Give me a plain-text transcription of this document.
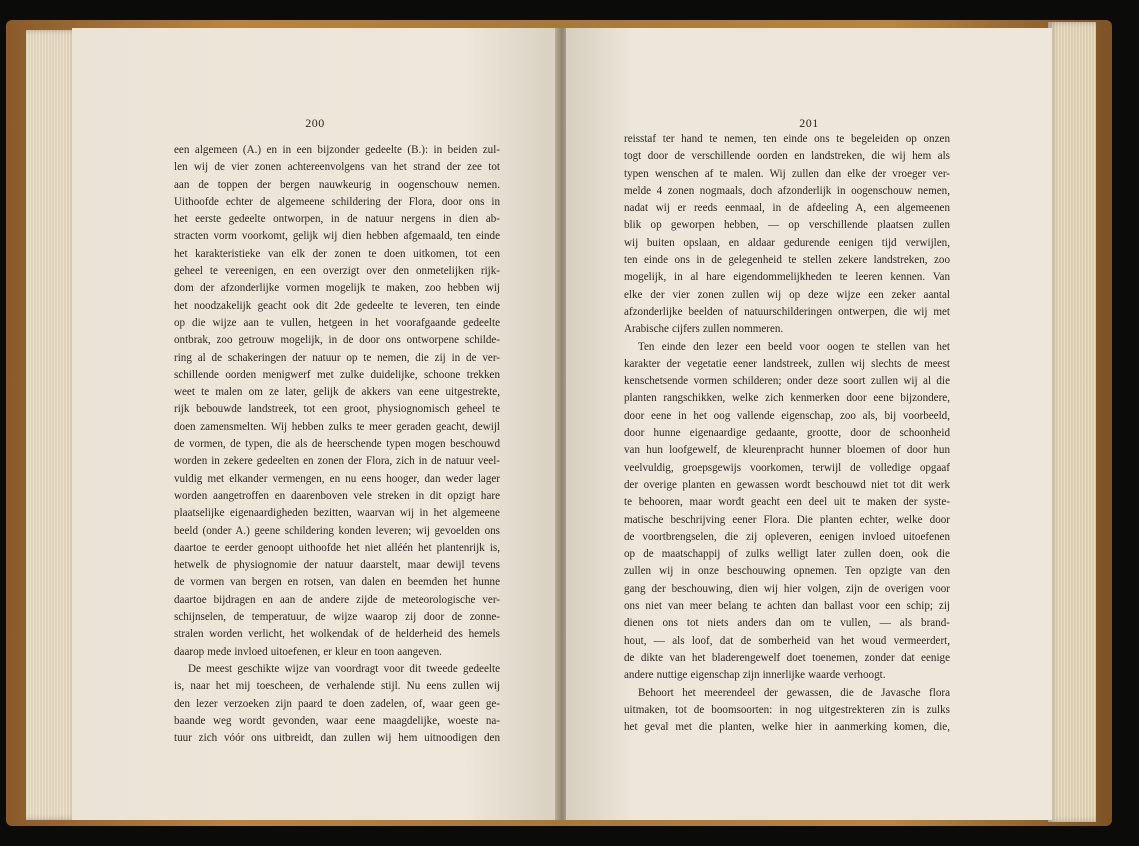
200
een algemeen (A.) en in een bijzonder gedeelte (B.): in beiden zul-
len wij de vier zonen achtereenvolgens van het strand der zee tot
aan de toppen der bergen nauwkeurig in oogenschouw nemen.
Uithoofde echter de algemeene schildering der Flora, door ons in
het eerste gedeelte ontworpen, in de natuur nergens in dien ab-
stracten vorm voorkomt, gelijk wij dien hebben afgemaald, ten einde
het karakteristieke van elk der zonen te doen uitkomen, tot een
geheel te vereenigen, en een overzigt over den onmetelijken rijk-
dom der afzonderlijke vormen mogelijk te maken, zoo hebben wij
het noodzakelijk geacht ook dit 2de gedeelte te leveren, ten einde
op die wijze aan te vullen, hetgeen in het voorafgaande gedeelte
ontbrak, zoo getrouw mogelijk, in de door ons ontworpene schilde-
ring al de schakeringen der natuur op te nemen, die zij in de ver-
schillende oorden menigwerf met zulke duidelijke, schoone trekken
weet te malen om ze later, gelijk de akkers van eene uitgestrekte,
rijk bebouwde landstreek, tot een groot, physiognomisch geheel te
doen zamensmelten. Wij hebben zulks te meer geraden geacht, dewijl
de vormen, de typen, die als de heerschende typen mogen beschouwd
worden in zekere gedeelten en zonen der Flora, zich in de natuur veel-
vuldig met elkander vermengen, en nu eens hooger, dan weder lager
worden aangetroffen en daarenboven vele streken in dit opzigt hare
plaatselijke eigenaardigheden bezitten, waarvan wij in het algemeene
beeld (onder A.) geene schildering konden leveren; wij gevoelden ons
daartoe te eerder genoopt uithoofde het niet alléén het plantenrijk is,
hetwelk de physiognomie der natuur daarstelt, maar dewijl tevens
de vormen van bergen en rotsen, van dalen en beemden het hunne
daartoe bijdragen en aan de andere zijde de meteorologische ver-
schijnselen, de temperatuur, de wijze waarop zij door de zonne-
stralen worden verlicht, het wolkendak of de helderheid des hemels
daarop mede invloed uitoefenen, er kleur en toon aangeven.
De meest geschikte wijze van voordragt voor dit tweede gedeelte
is, naar het mij toescheen, de verhalende stijl. Nu eens zullen wij
den lezer verzoeken zijn paard te doen zadelen, of, waar geen ge-
baande weg wordt gevonden, waar eene maagdelijke, woeste na-
tuur zich vóór ons uitbreidt, dan zullen wij hem uitnoodigen den
201
reisstaf ter hand te nemen, ten einde ons te begeleiden op onzen
togt door de verschillende oorden en landstreken, die wij hem als
typen wenschen af te malen. Wij zullen dan elke der vroeger ver-
melde 4 zonen nogmaals, doch afzonderlijk in oogenschouw nemen,
nadat wij er reeds eenmaal, in de afdeeling A, een algemeenen
blik op geworpen hebben, — op verschillende plaatsen zullen
wij buiten opslaan, en aldaar gedurende eenigen tijd verwijlen,
ten einde ons in de gelegenheid te stellen zekere landstreken, zoo
mogelijk, in al hare eigendommelijkheden te leeren kennen. Van
elke der vier zonen zullen wij op deze wijze een zeker aantal
afzonderlijke beelden of natuurschilderingen ontwerpen, die wij met
Arabische cijfers zullen nommeren.
Ten einde den lezer een beeld voor oogen te stellen van het
karakter der vegetatie eener landstreek, zullen wij slechts de meest
kenschetsende vormen schilderen; onder deze soort zullen wij al die
planten rangschikken, welke zich kenmerken door eene bijzondere,
door eene in het oog vallende eigenschap, zoo als, bij voorbeeld,
door hunne eigenaardige gedaante, grootte, door de schoonheid
van hun loofgewelf, de kleurenpracht hunner bloemen of door hun
veelvuldig, groepsgewijs voorkomen, terwijl de volledige opgaaf
der overige planten en gewassen wordt beschouwd niet tot dit werk
te behooren, maar wordt geacht een deel uit te maken der syste-
matische beschrijving eener Flora. Die planten echter, welke door
de voortbrengselen, die zij opleveren, eenigen invloed uitoefenen
op de maatschappij of zulks welligt later zullen doen, ook die
zullen wij in onze beschouwing opnemen. Ten opzigte van den
gang der beschouwing, dien wij hier volgen, zijn de overigen voor
ons niet van meer belang te achten dan ballast voor een schip; zij
dienen ons tot niets anders dan om te vullen, — als brand-
hout, — als loof, dat de somberheid van het woud vermeerdert,
de dikte van het bladerengewelf doet toenemen, zonder dat eenige
andere nuttige eigenschap zijn innerlijke waarde verhoogt.
Behoort het meerendeel der gewassen, die de Javasche flora
uitmaken, tot de boomsoorten: in nog uitgestrekteren zin is zulks
het geval met die planten, welke hier in aanmerking komen, die,
